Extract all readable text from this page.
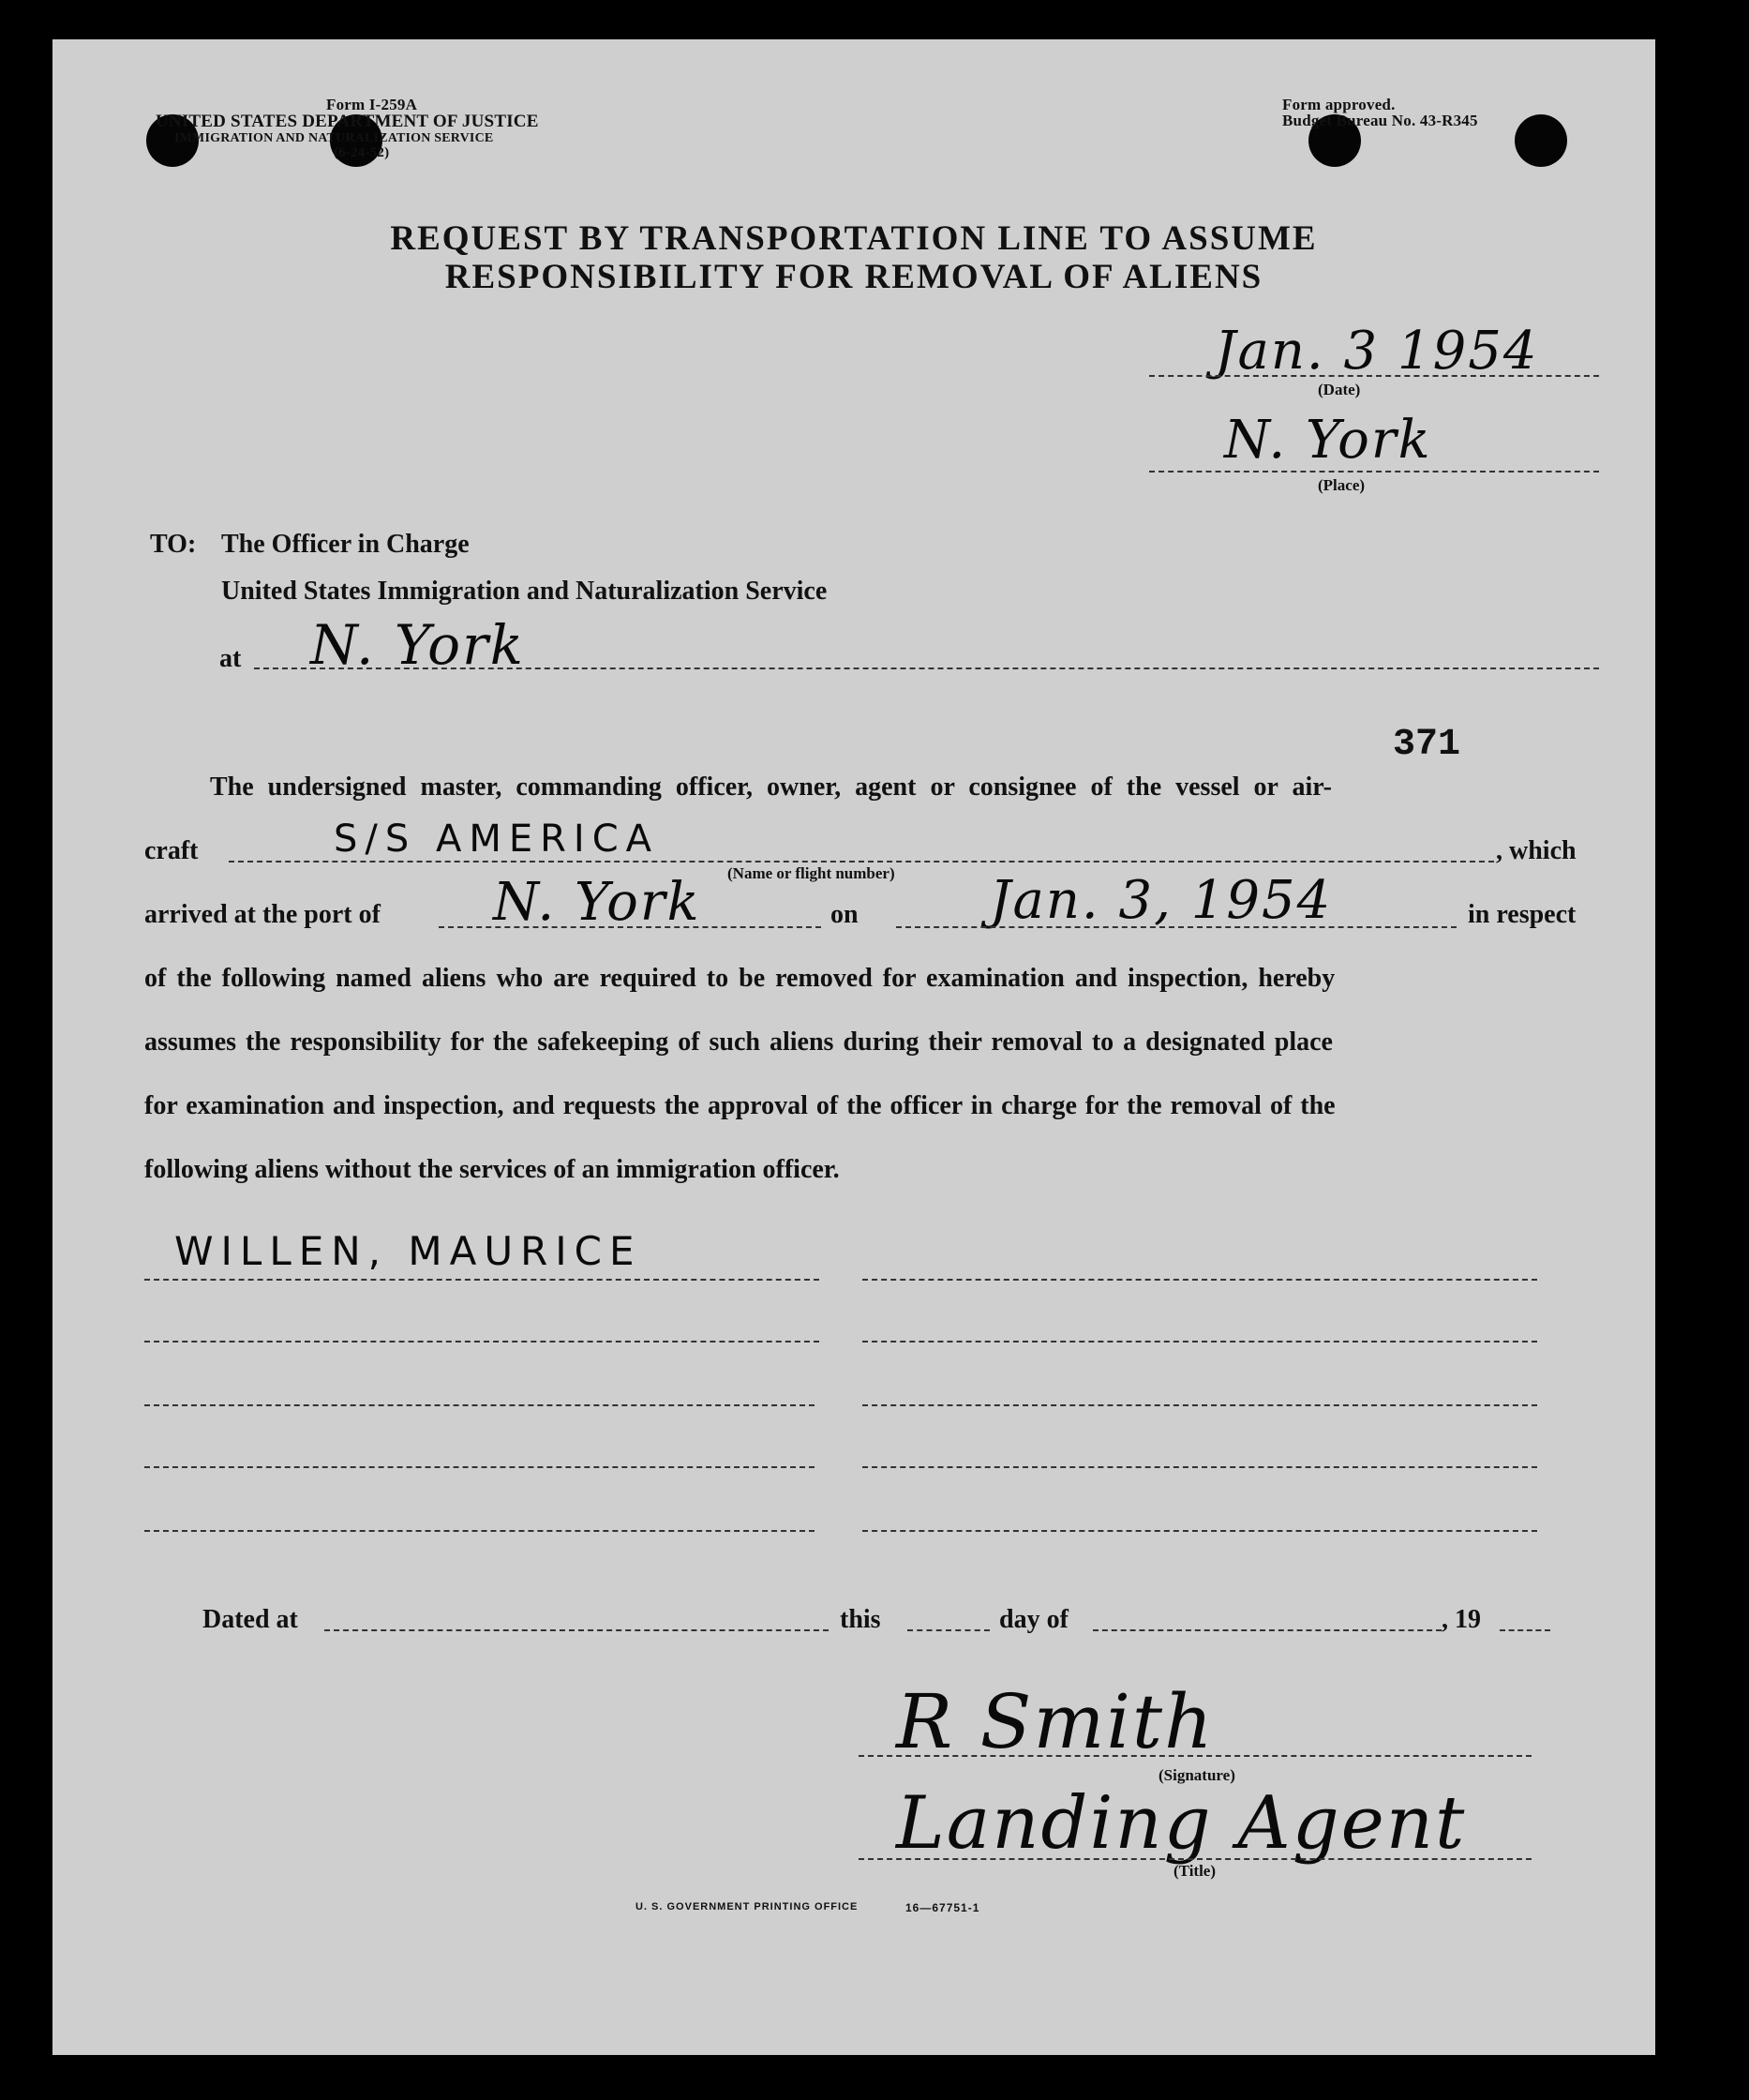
Form I-259A
UNITED STATES DEPARTMENT OF JUSTICE
IMMIGRATION AND NATURALIZATION SERVICE
(6-24-52)
Form approved.
Budget Bureau No. 43-R345
REQUEST BY TRANSPORTATION LINE TO ASSUME
RESPONSIBILITY FOR REMOVAL OF ALIENS
Jan. 3 1954
(Date)
N. York
(Place)
TO: The Officer in Charge
United States Immigration and Naturalization Service
at N. York
371
The undersigned master, commanding officer, owner, agent or consignee of the vessel or air-
craft	S/S AMERICA	, which
(Name or flight number)
arrived at the port of N. York	on	Jan. 3, 1954	in respect
of the following named aliens who are required to be removed for examination and inspection, hereby
assumes the responsibility for the safekeeping of such aliens during their removal to a designated place
for examination and inspection, and requests the approval of the officer in charge for the removal of the
following aliens without the services of an immigration officer.
WILLEN, MAURICE
Dated at	this	day of	, 19
R Smith
(Signature)
Landing Agent
(Title)
U. S. GOVERNMENT PRINTING OFFICE	16—67751-1
